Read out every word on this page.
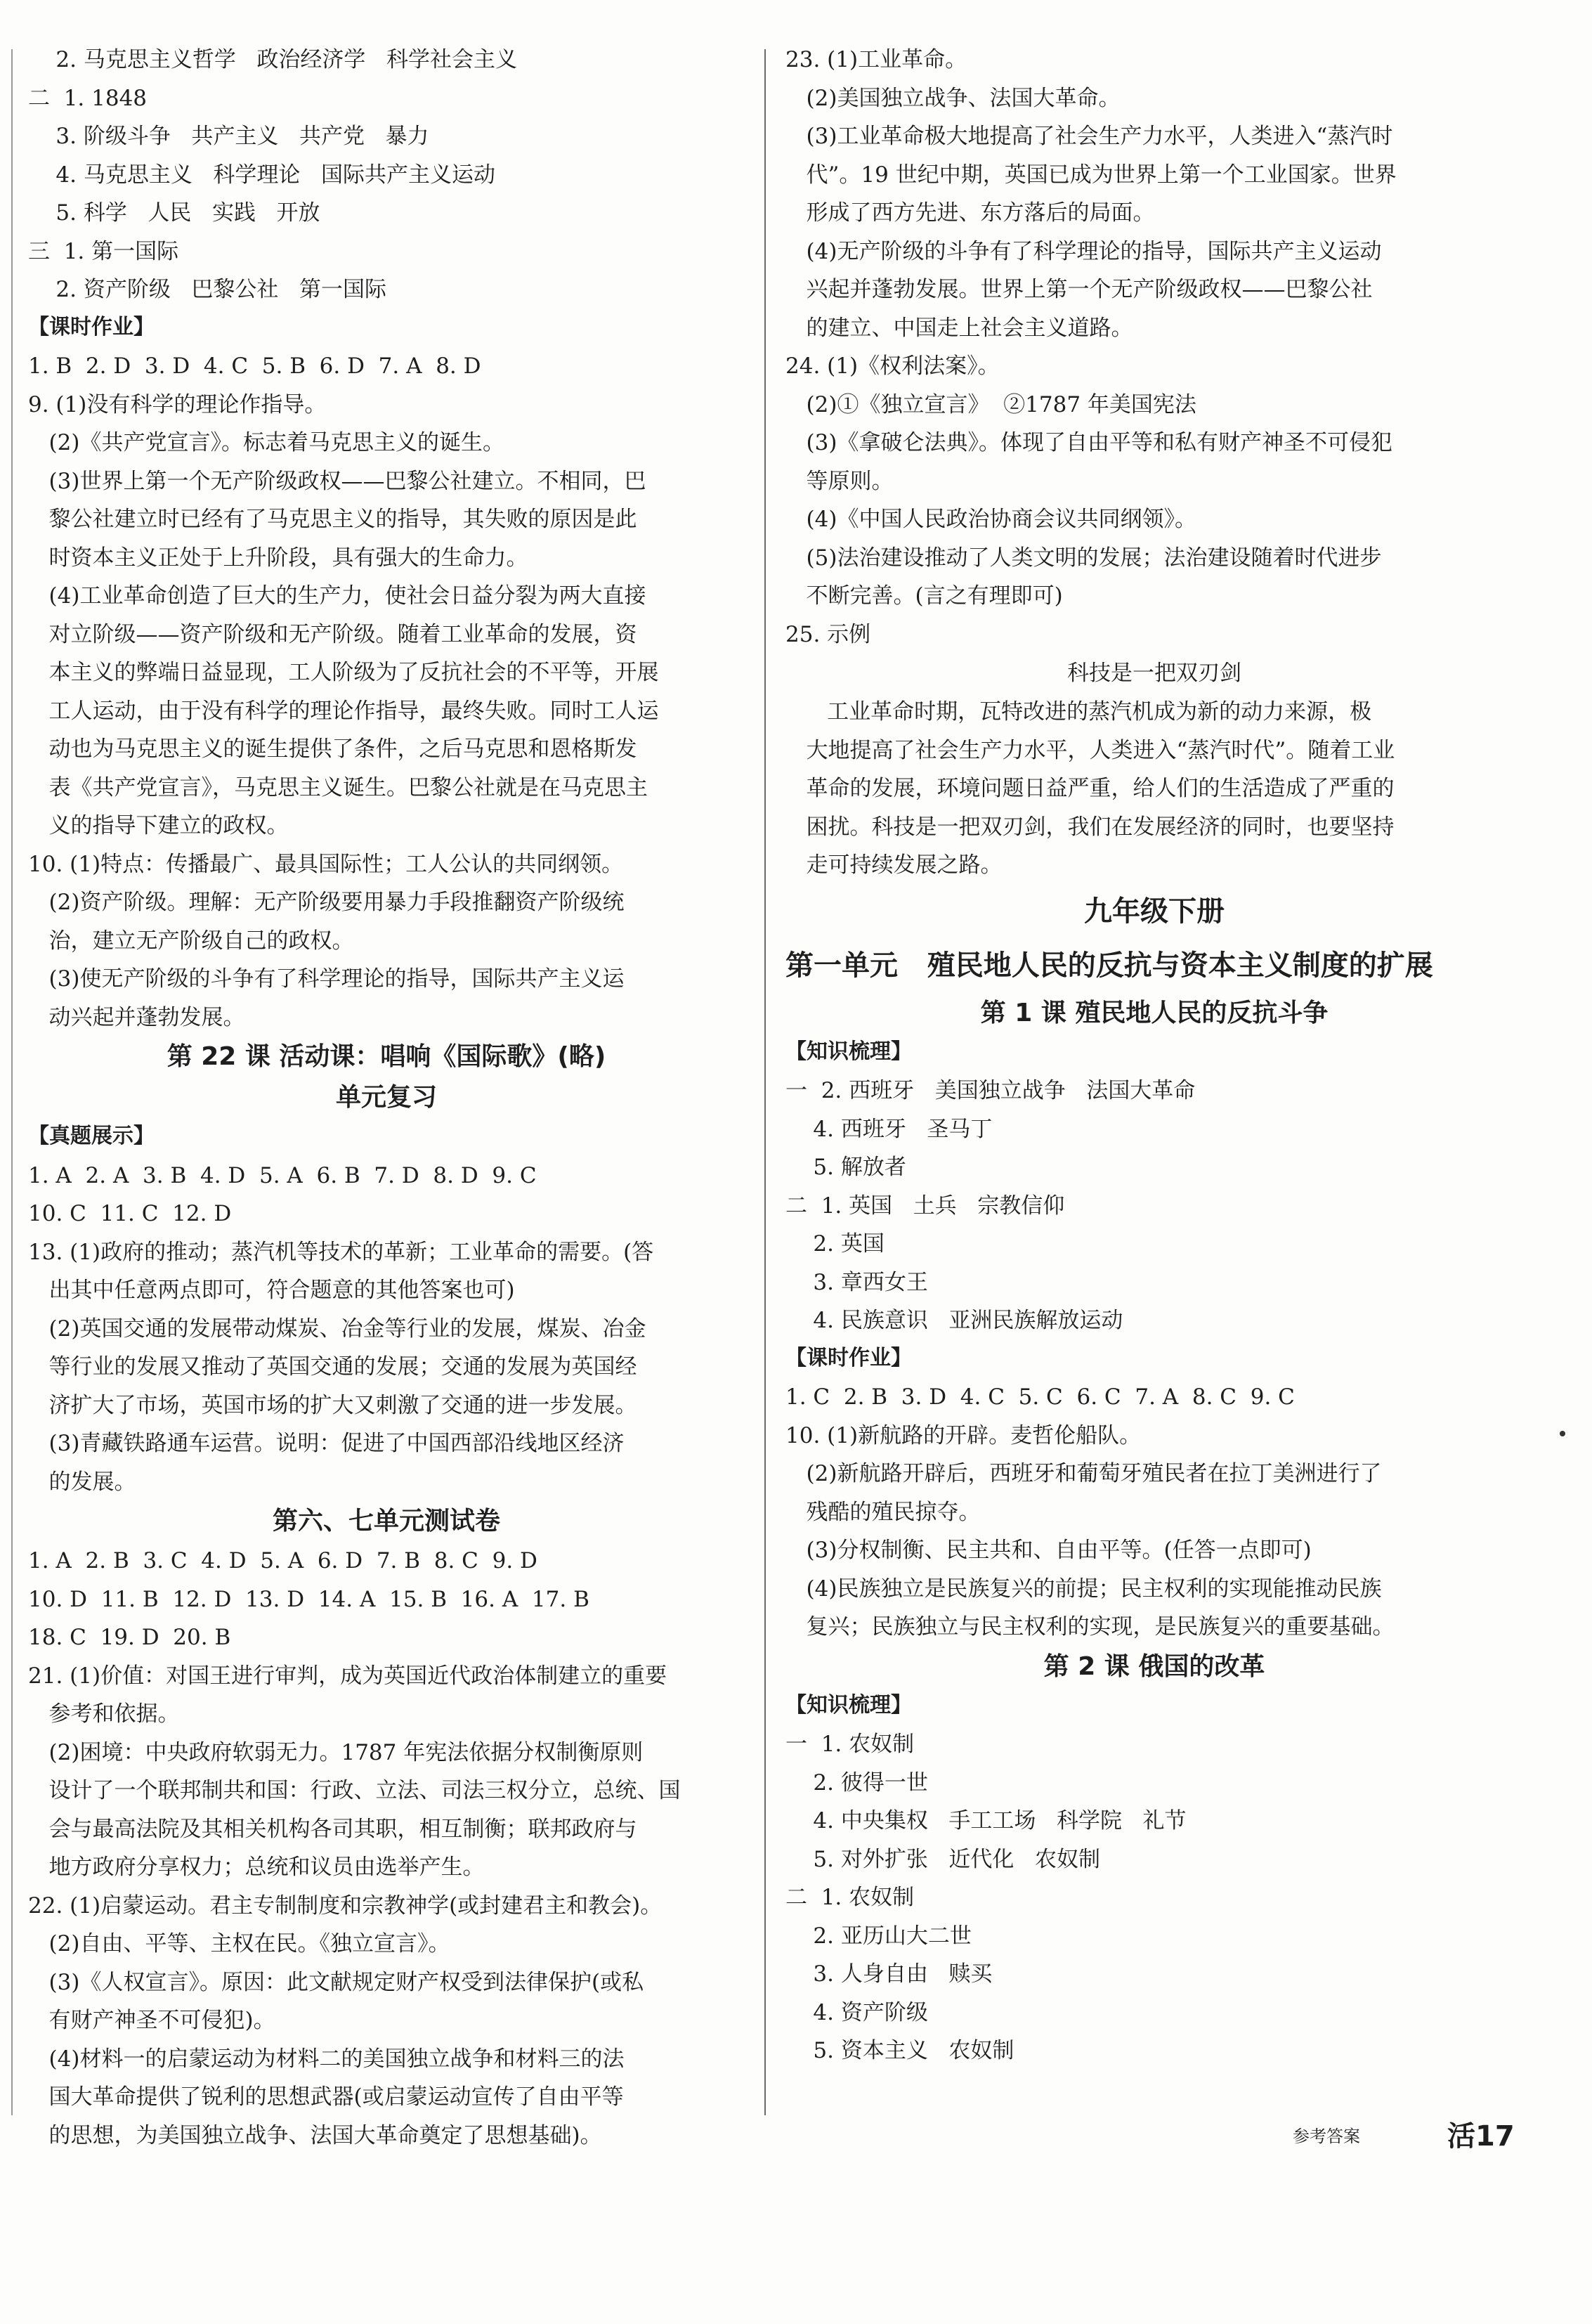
2. 马克思主义哲学   政治经济学   科学社会主义
二  1. 1848
3. 阶级斗争   共产主义   共产党   暴力
4. 马克思主义   科学理论   国际共产主义运动
5. 科学   人民   实践   开放
三  1. 第一国际
2. 资产阶级   巴黎公社   第一国际
【课时作业】
1. B  2. D  3. D  4. C  5. B  6. D  7. A  8. D
9. (1)没有科学的理论作指导。
(2)《共产党宣言》。标志着马克思主义的诞生。
(3)世界上第一个无产阶级政权——巴黎公社建立。不相同，巴
黎公社建立时已经有了马克思主义的指导，其失败的原因是此
时资本主义正处于上升阶段，具有强大的生命力。
(4)工业革命创造了巨大的生产力，使社会日益分裂为两大直接
对立阶级——资产阶级和无产阶级。随着工业革命的发展，资
本主义的弊端日益显现，工人阶级为了反抗社会的不平等，开展
工人运动，由于没有科学的理论作指导，最终失败。同时工人运
动也为马克思主义的诞生提供了条件，之后马克思和恩格斯发
表《共产党宣言》，马克思主义诞生。巴黎公社就是在马克思主
义的指导下建立的政权。
10. (1)特点：传播最广、最具国际性；工人公认的共同纲领。
(2)资产阶级。理解：无产阶级要用暴力手段推翻资产阶级统
治，建立无产阶级自己的政权。
(3)使无产阶级的斗争有了科学理论的指导，国际共产主义运
动兴起并蓬勃发展。
第 22 课 活动课：唱响《国际歌》(略)
单元复习
【真题展示】
1. A  2. A  3. B  4. D  5. A  6. B  7. D  8. D  9. C
10. C  11. C  12. D
13. (1)政府的推动；蒸汽机等技术的革新；工业革命的需要。(答
出其中任意两点即可，符合题意的其他答案也可)
(2)英国交通的发展带动煤炭、冶金等行业的发展，煤炭、冶金
等行业的发展又推动了英国交通的发展；交通的发展为英国经
济扩大了市场，英国市场的扩大又刺激了交通的进一步发展。
(3)青藏铁路通车运营。说明：促进了中国西部沿线地区经济
的发展。
第六、七单元测试卷
1. A  2. B  3. C  4. D  5. A  6. D  7. B  8. C  9. D
10. D  11. B  12. D  13. D  14. A  15. B  16. A  17. B
18. C  19. D  20. B
21. (1)价值：对国王进行审判，成为英国近代政治体制建立的重要
参考和依据。
(2)困境：中央政府软弱无力。1787 年宪法依据分权制衡原则
设计了一个联邦制共和国：行政、立法、司法三权分立，总统、国
会与最高法院及其相关机构各司其职，相互制衡；联邦政府与
地方政府分享权力；总统和议员由选举产生。
22. (1)启蒙运动。君主专制制度和宗教神学(或封建君主和教会)。
(2)自由、平等、主权在民。《独立宣言》。
(3)《人权宣言》。原因：此文献规定财产权受到法律保护(或私
有财产神圣不可侵犯)。
(4)材料一的启蒙运动为材料二的美国独立战争和材料三的法
国大革命提供了锐利的思想武器(或启蒙运动宣传了自由平等
的思想，为美国独立战争、法国大革命奠定了思想基础)。
23. (1)工业革命。
(2)美国独立战争、法国大革命。
(3)工业革命极大地提高了社会生产力水平，人类进入“蒸汽时
代”。19 世纪中期，英国已成为世界上第一个工业国家。世界
形成了西方先进、东方落后的局面。
(4)无产阶级的斗争有了科学理论的指导，国际共产主义运动
兴起并蓬勃发展。世界上第一个无产阶级政权——巴黎公社
的建立、中国走上社会主义道路。
24. (1)《权利法案》。
(2)①《独立宣言》  ②1787 年美国宪法
(3)《拿破仑法典》。体现了自由平等和私有财产神圣不可侵犯
等原则。
(4)《中国人民政治协商会议共同纲领》。
(5)法治建设推动了人类文明的发展；法治建设随着时代进步
不断完善。(言之有理即可)
25. 示例
科技是一把双刃剑
工业革命时期，瓦特改进的蒸汽机成为新的动力来源，极
大地提高了社会生产力水平，人类进入“蒸汽时代”。随着工业
革命的发展，环境问题日益严重，给人们的生活造成了严重的
困扰。科技是一把双刃剑，我们在发展经济的同时，也要坚持
走可持续发展之路。
九年级下册
第一单元   殖民地人民的反抗与资本主义制度的扩展
第 1 课 殖民地人民的反抗斗争
【知识梳理】
一  2. 西班牙   美国独立战争   法国大革命
4. 西班牙   圣马丁
5. 解放者
二  1. 英国   土兵   宗教信仰
2. 英国
3. 章西女王
4. 民族意识   亚洲民族解放运动
【课时作业】
1. C  2. B  3. D  4. C  5. C  6. C  7. A  8. C  9. C
10. (1)新航路的开辟。麦哲伦船队。
(2)新航路开辟后，西班牙和葡萄牙殖民者在拉丁美洲进行了
残酷的殖民掠夺。
(3)分权制衡、民主共和、自由平等。(任答一点即可)
(4)民族独立是民族复兴的前提；民主权利的实现能推动民族
复兴；民族独立与民主权利的实现，是民族复兴的重要基础。
第 2 课 俄国的改革
【知识梳理】
一  1. 农奴制
2. 彼得一世
4. 中央集权   手工工场   科学院   礼节
5. 对外扩张   近代化   农奴制
二  1. 农奴制
2. 亚历山大二世
3. 人身自由   赎买
4. 资产阶级
5. 资本主义   农奴制
参考答案	活17
